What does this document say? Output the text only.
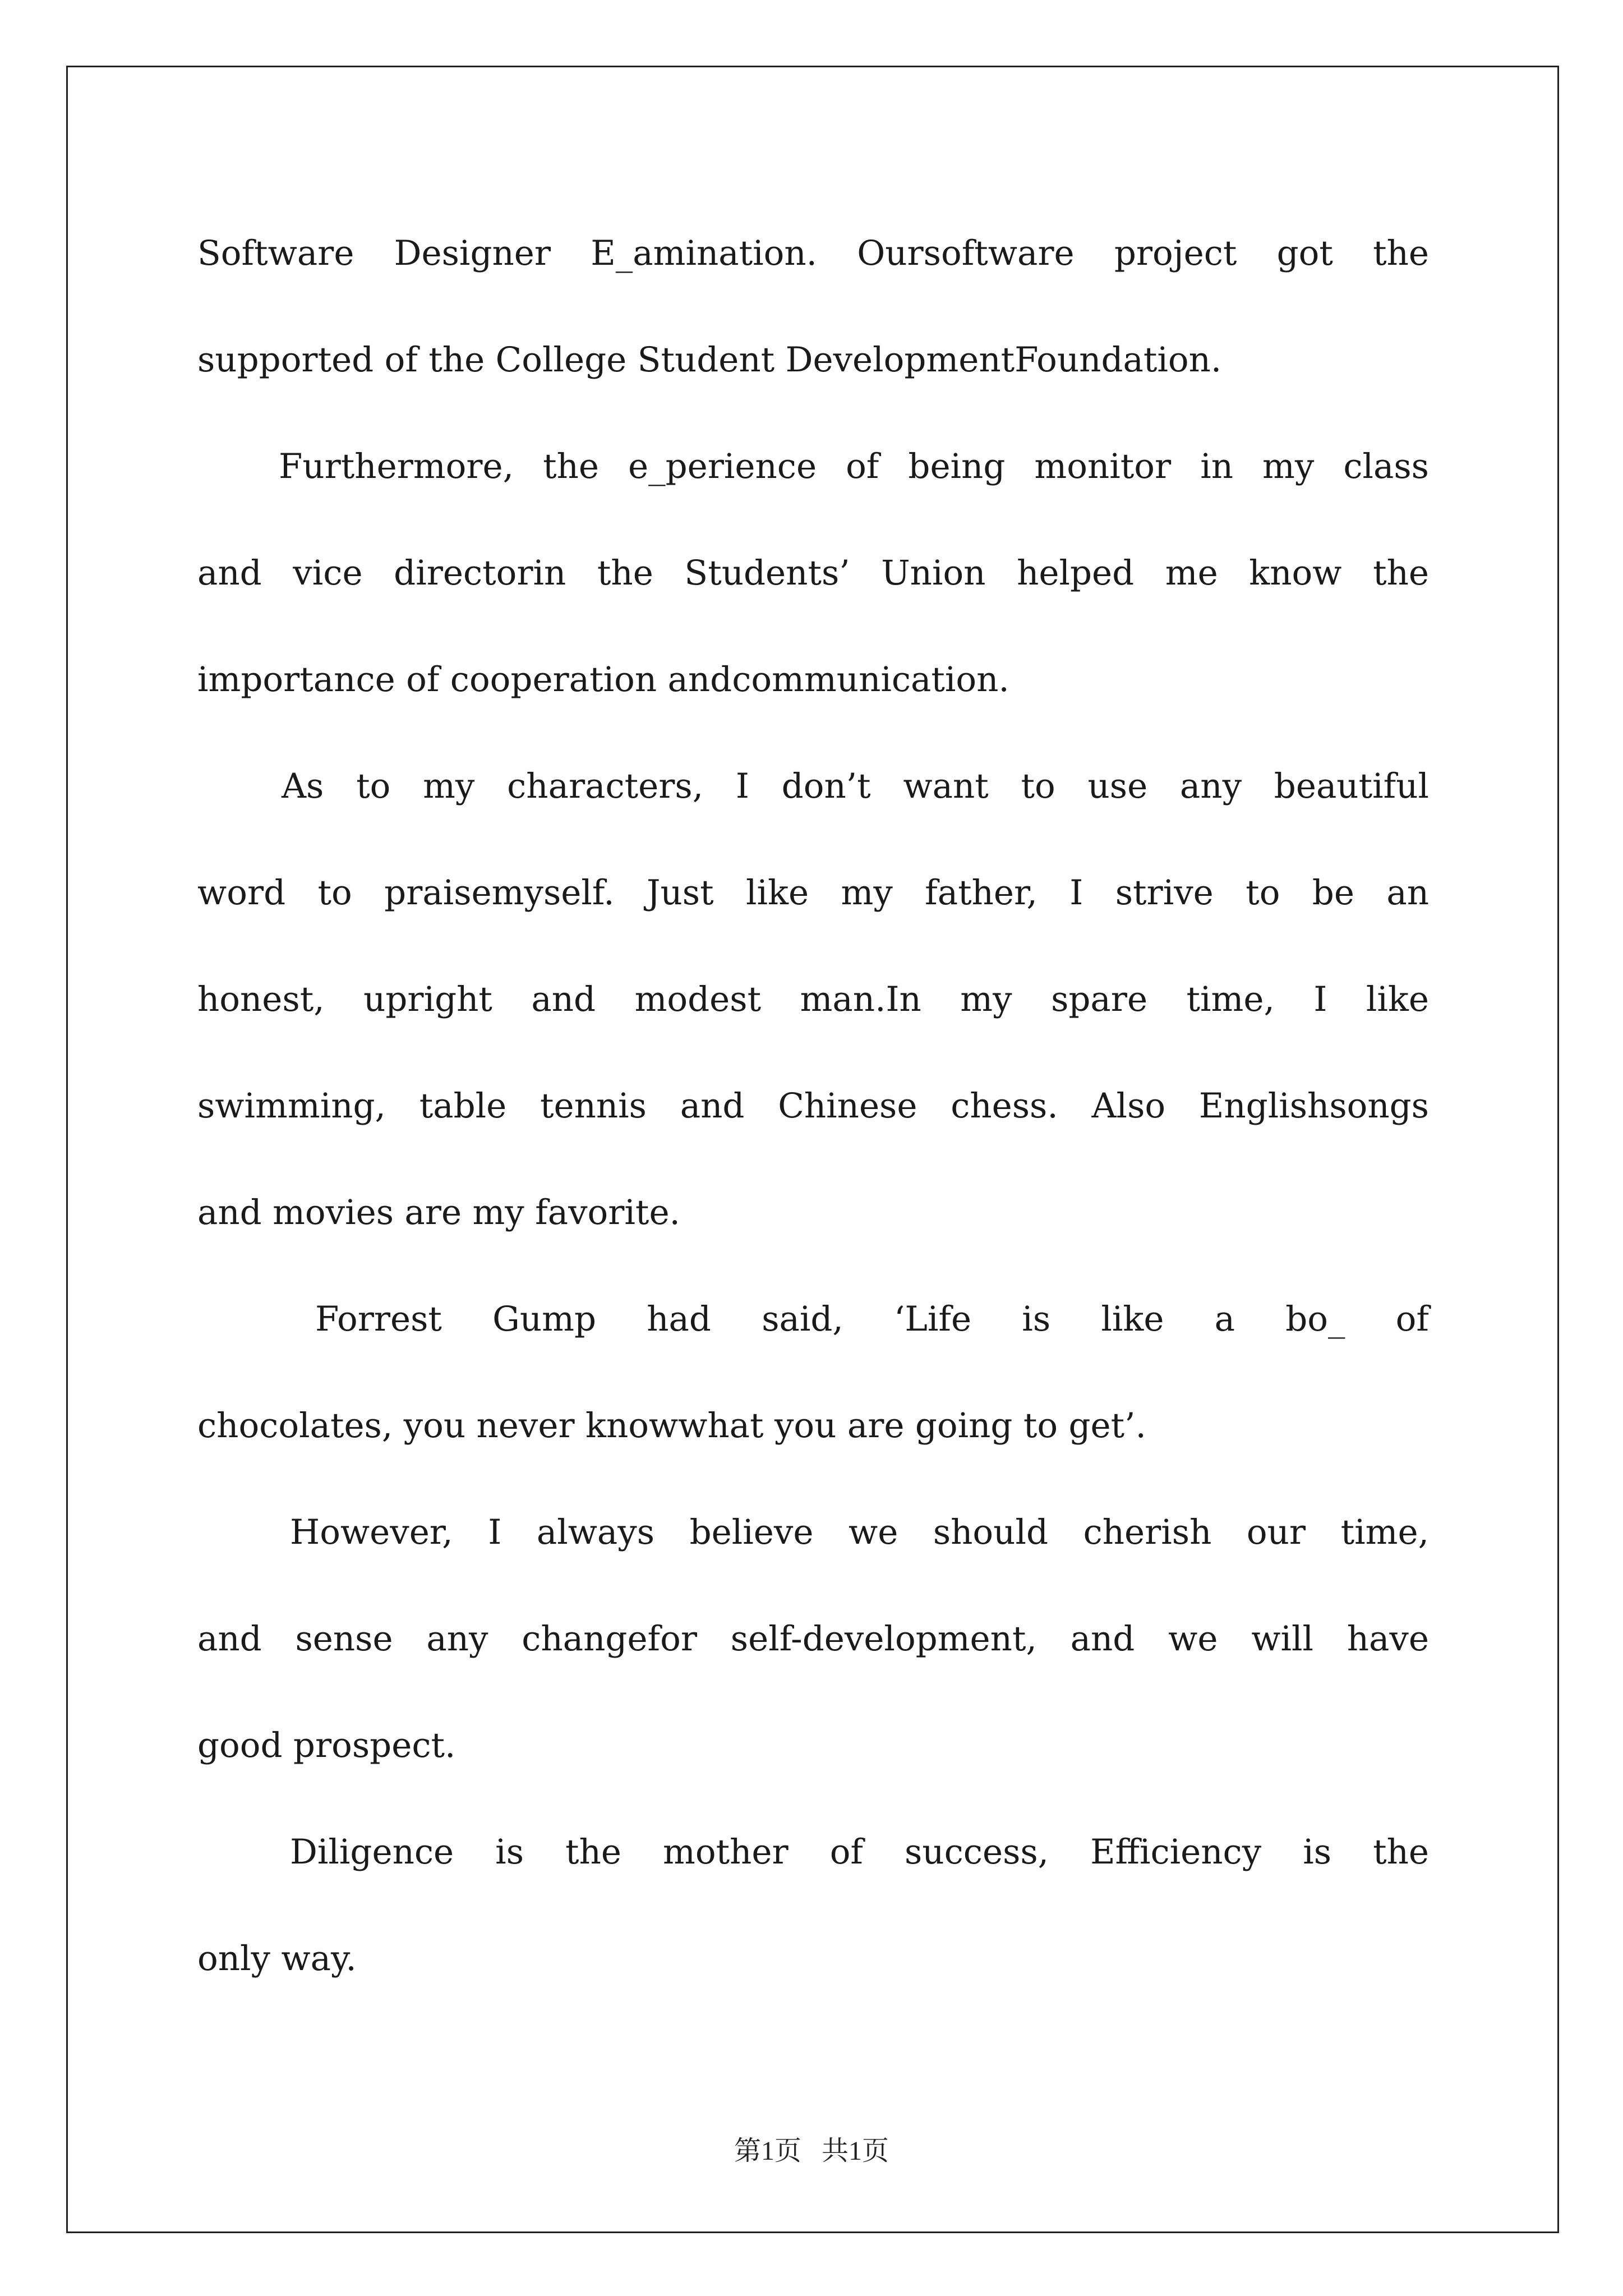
Software Designer E_amination. Oursoftware project got the
supported of the College Student DevelopmentFoundation.
Furthermore, the e_perience of being monitor in my class
and vice directorin the Students’ Union helped me know the
importance of cooperation andcommunication.
As to my characters, I don’t want to use any beautiful
word to praisemyself. Just like my father, I strive to be an
honest, upright and modest man.In my spare time, I like
swimming, table tennis and Chinese chess. Also Englishsongs
and movies are my favorite.
Forrest Gump had said, ‘Life is like a bo_ of
chocolates, you never knowwhat you are going to get’.
However, I always believe we should cherish our time,
and sense any changefor self-development, and we will have
good prospect.
Diligence is the mother of success, Efficiency is the
only way.
第1页 共1页
